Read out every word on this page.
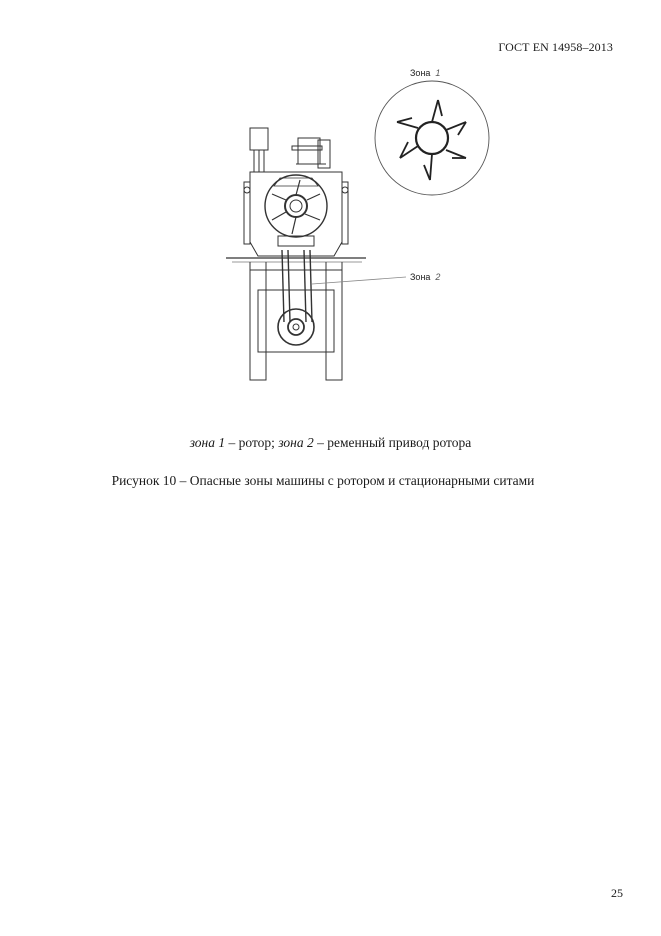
ГОСТ EN 14958–2013
Зона 1
Зона 2
зона 1 – ротор; зона 2 – ременный привод ротора
Рисунок 10 – Опасные зоны машины с ротором и стационарными ситами
25
